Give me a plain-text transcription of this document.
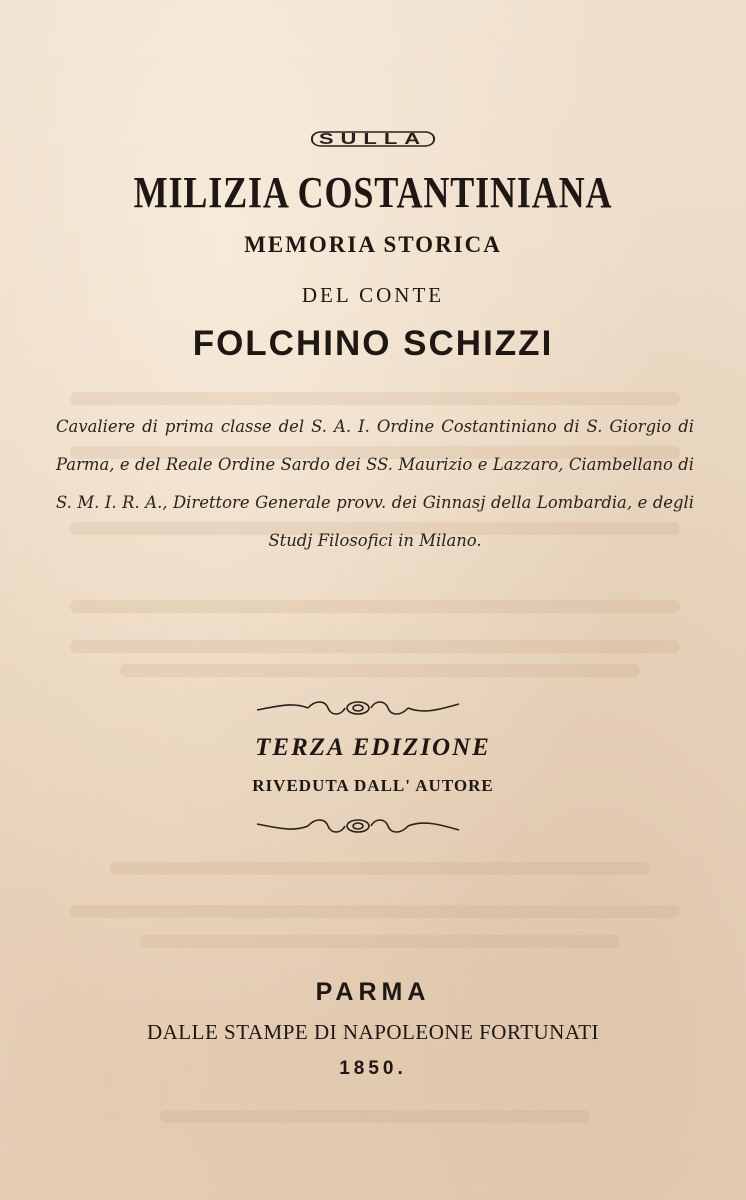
SULLA
MILIZIA COSTANTINIANA
MEMORIA STORICA
DEL CONTE
FOLCHINO SCHIZZI
Cavaliere di prima classe del S. A. I. Ordine Costantiniano di S. Giorgio di Parma, e del Reale Ordine Sardo dei SS. Maurizio e Lazzaro, Ciambellano di S. M. I. R. A., Direttore Generale provv. dei Ginnasj della Lombardia, e degli Studj Filosofici in Milano.
TERZA EDIZIONE
RIVEDUTA DALL' AUTORE
PARMA
DALLE STAMPE DI NAPOLEONE FORTUNATI
1850.
